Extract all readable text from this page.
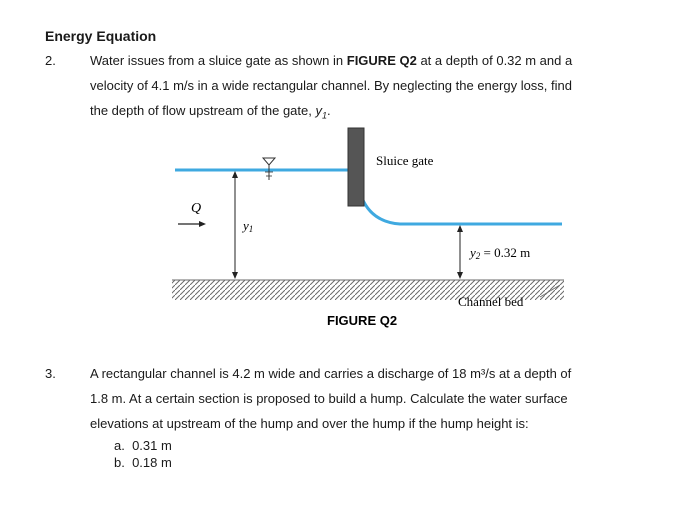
Energy Equation
2.	Water issues from a sluice gate as shown in FIGURE Q2 at a depth of 0.32 m and a
velocity of 4.1 m/s in a wide rectangular channel. By neglecting the energy loss, find
the depth of flow upstream of the gate, $y_1$.
y1
Q
y2 = 0.32 m
Sluice gate
Channel bed
FIGURE Q2
3.	A rectangular channel is 4.2 m wide and carries a discharge of 18 m³/s at a depth of
1.8 m. At a certain section is proposed to build a hump. Calculate the water surface
elevations at upstream of the hump and over the hump if the hump height is:
a. 0.31 m
b. 0.18 m
